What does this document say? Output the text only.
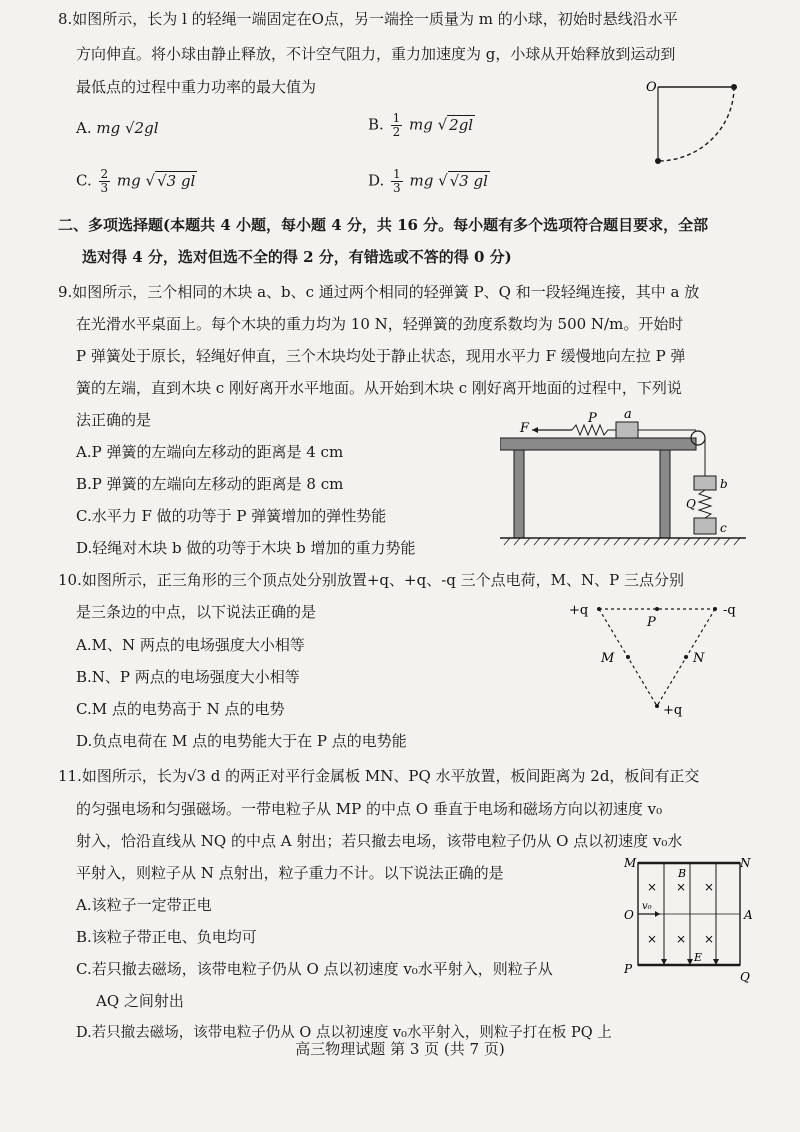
8.如图所示，长为 l 的轻绳一端固定在O点，另一端拴一质量为 m 的小球，初始时悬线沿水平
方向伸直。将小球由静止释放，不计空气阻力，重力加速度为 g，小球从开始释放到运动到
最低点的过程中重力功率的最大值为
A. mg √2gl	B. $\frac{1}{2}$ mg √ 2gl
C. $\frac{2}{3}$ mg √ √3 gl	D. $\frac{1}{3}$ mg √ √3 gl
O
二、多项选择题(本题共 4 小题，每小题 4 分，共 16 分。每小题有多个选项符合题目要求，全部
选对得 4 分，选对但选不全的得 2 分，有错选或不答的得 0 分)
9.如图所示，三个相同的木块 a、b、c 通过两个相同的轻弹簧 P、Q 和一段轻绳连接，其中 a 放
在光滑水平桌面上。每个木块的重力均为 10 N，轻弹簧的劲度系数均为 500 N/m。开始时
P 弹簧处于原长，轻绳好伸直，三个木块均处于静止状态，现用水平力 F 缓慢地向左拉 P 弹
簧的左端，直到木块 c 刚好离开水平地面。从开始到木块 c 刚好离开地面的过程中，下列说
法正确的是
A.P 弹簧的左端向左移动的距离是 4 cm
B.P 弹簧的左端向左移动的距离是 8 cm
C.水平力 F 做的功等于 P 弹簧增加的弹性势能
D.轻绳对木块 b 做的功等于木块 b 增加的重力势能
F
P a
b
Q
c
10.如图所示，正三角形的三个顶点处分别放置+q、+q、-q 三个点电荷，M、N、P 三点分别
是三条边的中点，以下说法正确的是
A.M、N 两点的电场强度大小相等
B.N、P 两点的电场强度大小相等
C.M 点的电势高于 N 点的电势
D.负点电荷在 M 点的电势能大于在 P 点的电势能
+q	-q
+q
P
M	N
11.如图所示，长为√3 d 的两正对平行金属板 MN、PQ 水平放置，板间距离为 2d，板间有正交
的匀强电场和匀强磁场。一带电粒子从 MP 的中点 O 垂直于电场和磁场方向以初速度 v₀
射入，恰沿直线从 NQ 的中点 A 射出；若只撤去电场，该带电粒子仍从 O 点以初速度 v₀水
平射入，则粒子从 N 点射出，粒子重力不计。以下说法正确的是
A.该粒子一定带正电
B.该粒子带正电、负电均可
C.若只撤去磁场，该带电粒子仍从 O 点以初速度 v₀水平射入，则粒子从
AQ 之间射出
D.若只撤去磁场，该带电粒子仍从 O 点以初速度 v₀水平射入，则粒子打在板 PQ 上
M	N
O	A
P
Q
v₀
B
E
× × ×
× × ×
高三物理试题 第 3 页 (共 7 页)
